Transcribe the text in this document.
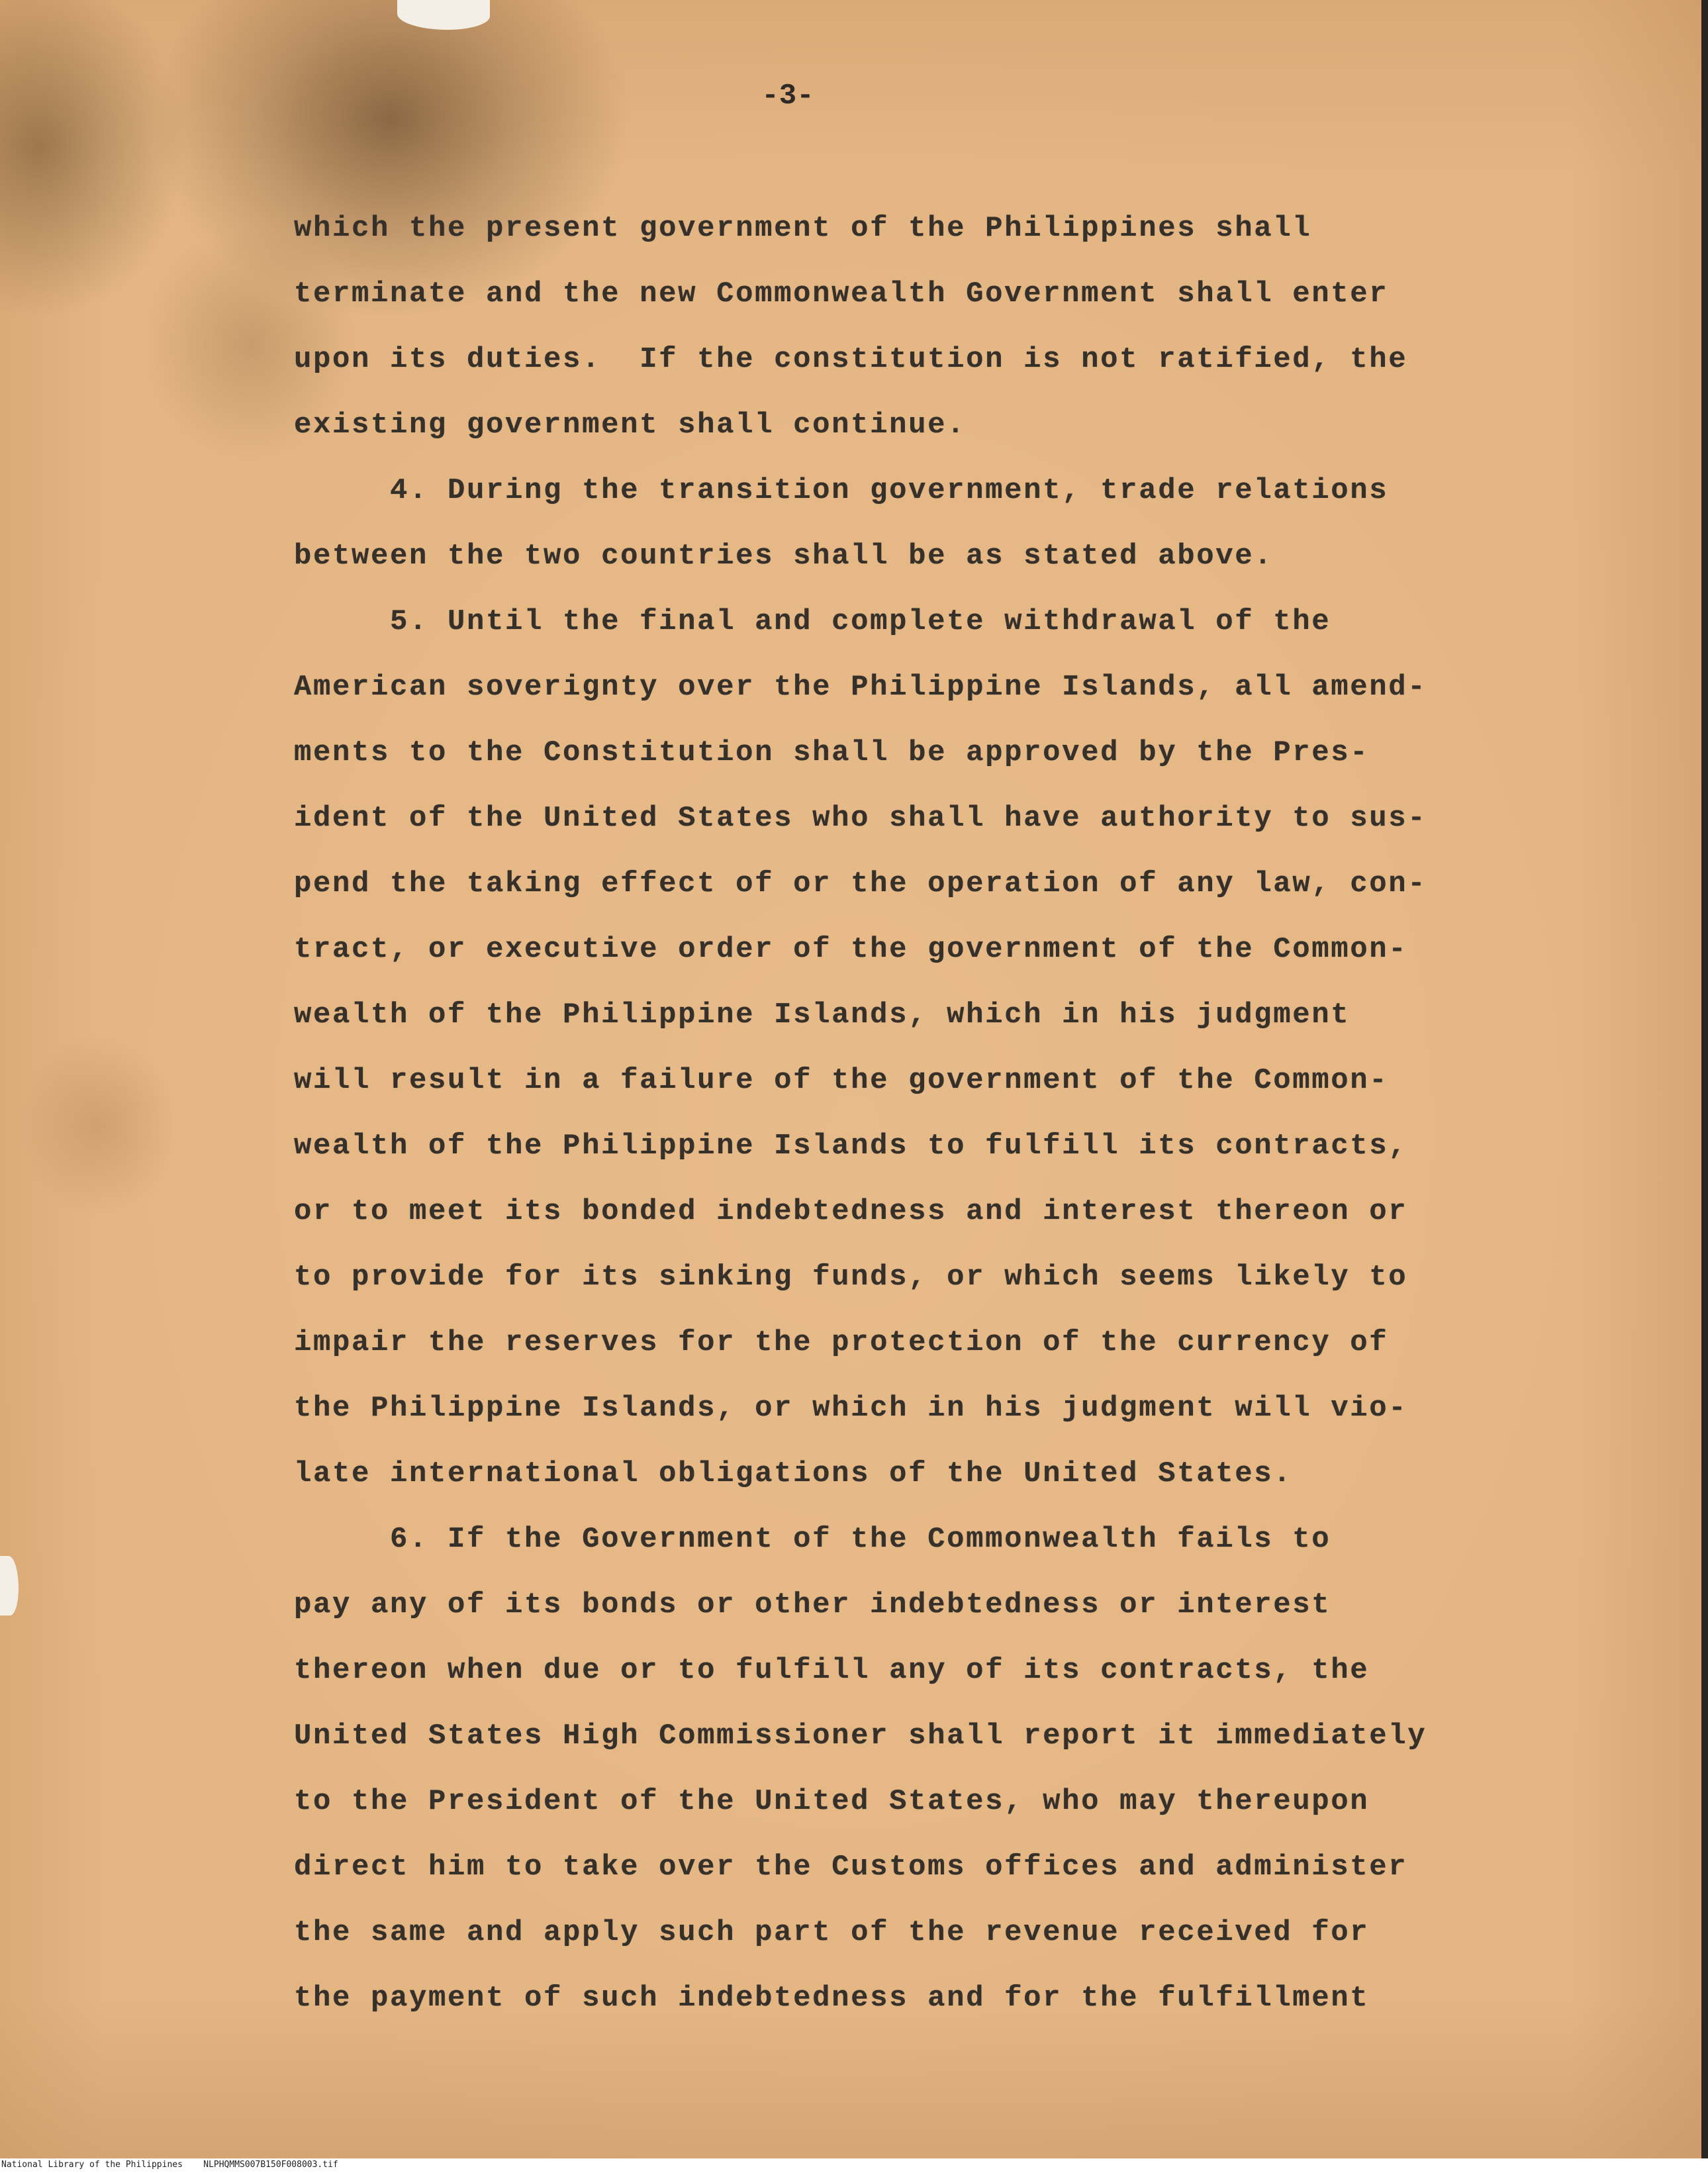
-3-
which the present government of the Philippines shall
terminate and the new Commonwealth Government shall enter
upon its duties.  If the constitution is not ratified, the
existing government shall continue.
4. During the transition government, trade relations
between the two countries shall be as stated above.
5. Until the final and complete withdrawal of the
American soverignty over the Philippine Islands, all amend-
ments to the Constitution shall be approved by the Pres-
ident of the United States who shall have authority to sus-
pend the taking effect of or the operation of any law, con-
tract, or executive order of the government of the Common-
wealth of the Philippine Islands, which in his judgment
will result in a failure of the government of the Common-
wealth of the Philippine Islands to fulfill its contracts,
or to meet its bonded indebtedness and interest thereon or
to provide for its sinking funds, or which seems likely to
impair the reserves for the protection of the currency of
the Philippine Islands, or which in his judgment will vio-
late international obligations of the United States.
6. If the Government of the Commonwealth fails to
pay any of its bonds or other indebtedness or interest
thereon when due or to fulfill any of its contracts, the
United States High Commissioner shall report it immediately
to the President of the United States, who may thereupon
direct him to take over the Customs offices and administer
the same and apply such part of the revenue received for
the payment of such indebtedness and for the fulfillment
National Library of the Philippines    NLPHQMMS007B150F008003.tif
